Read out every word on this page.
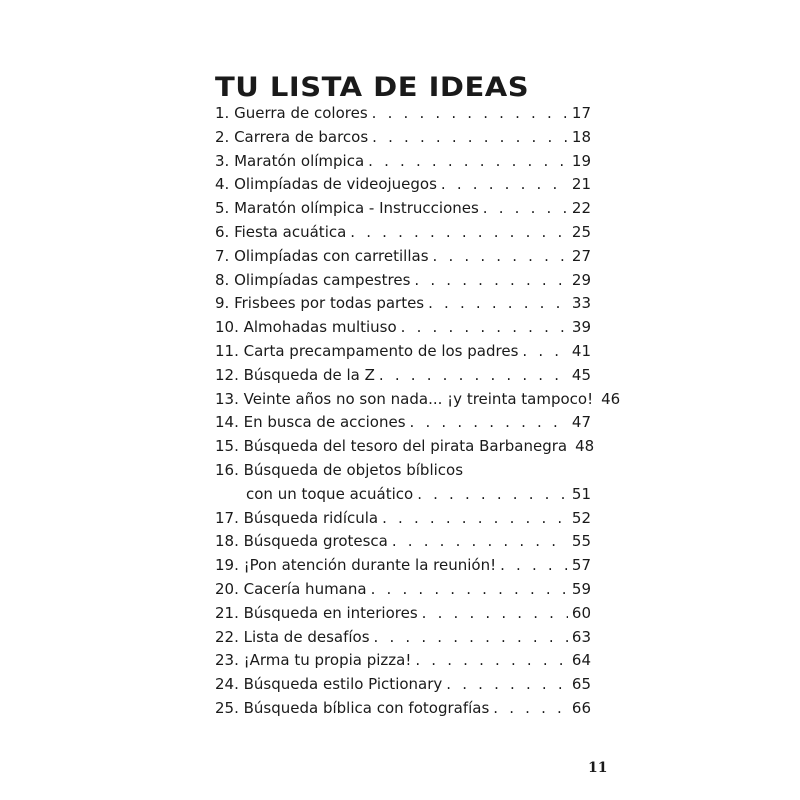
TU LISTA DE IDEAS
1. Guerra de colores . . .	17
2. Carrera de barcos . . .	18
3. Maratón olímpica . . .	19
4. Olimpíadas de videojuegos . . .	21
5. Maratón olímpica - Instrucciones . . .	22
6. Fiesta acuática . . .	25
7. Olimpíadas con carretillas . . .	27
8. Olimpíadas campestres . . .	29
9. Frisbees por todas partes . . .	33
10. Almohadas multiuso . . .	39
11. Carta precampamento de los padres . . .	41
12. Búsqueda de la Z . . .	45
13. Veinte años no son nada... ¡y treinta tampoco! 46
14. En busca de acciones . . .	47
15. Búsqueda del tesoro del pirata Barbanegra 48
16. Búsqueda de objetos bíblicos
con un toque acuático . . .	51
17. Búsqueda ridícula . . .	52
18. Búsqueda grotesca . . .	55
19. ¡Pon atención durante la reunión! . . .	57
20. Cacería humana . . .	59
21. Búsqueda en interiores . . .	60
22. Lista de desafíos . . .	63
23. ¡Arma tu propia pizza! . . .	64
24. Búsqueda estilo Pictionary . . .	65
25. Búsqueda bíblica con fotografías . . .	66
11
